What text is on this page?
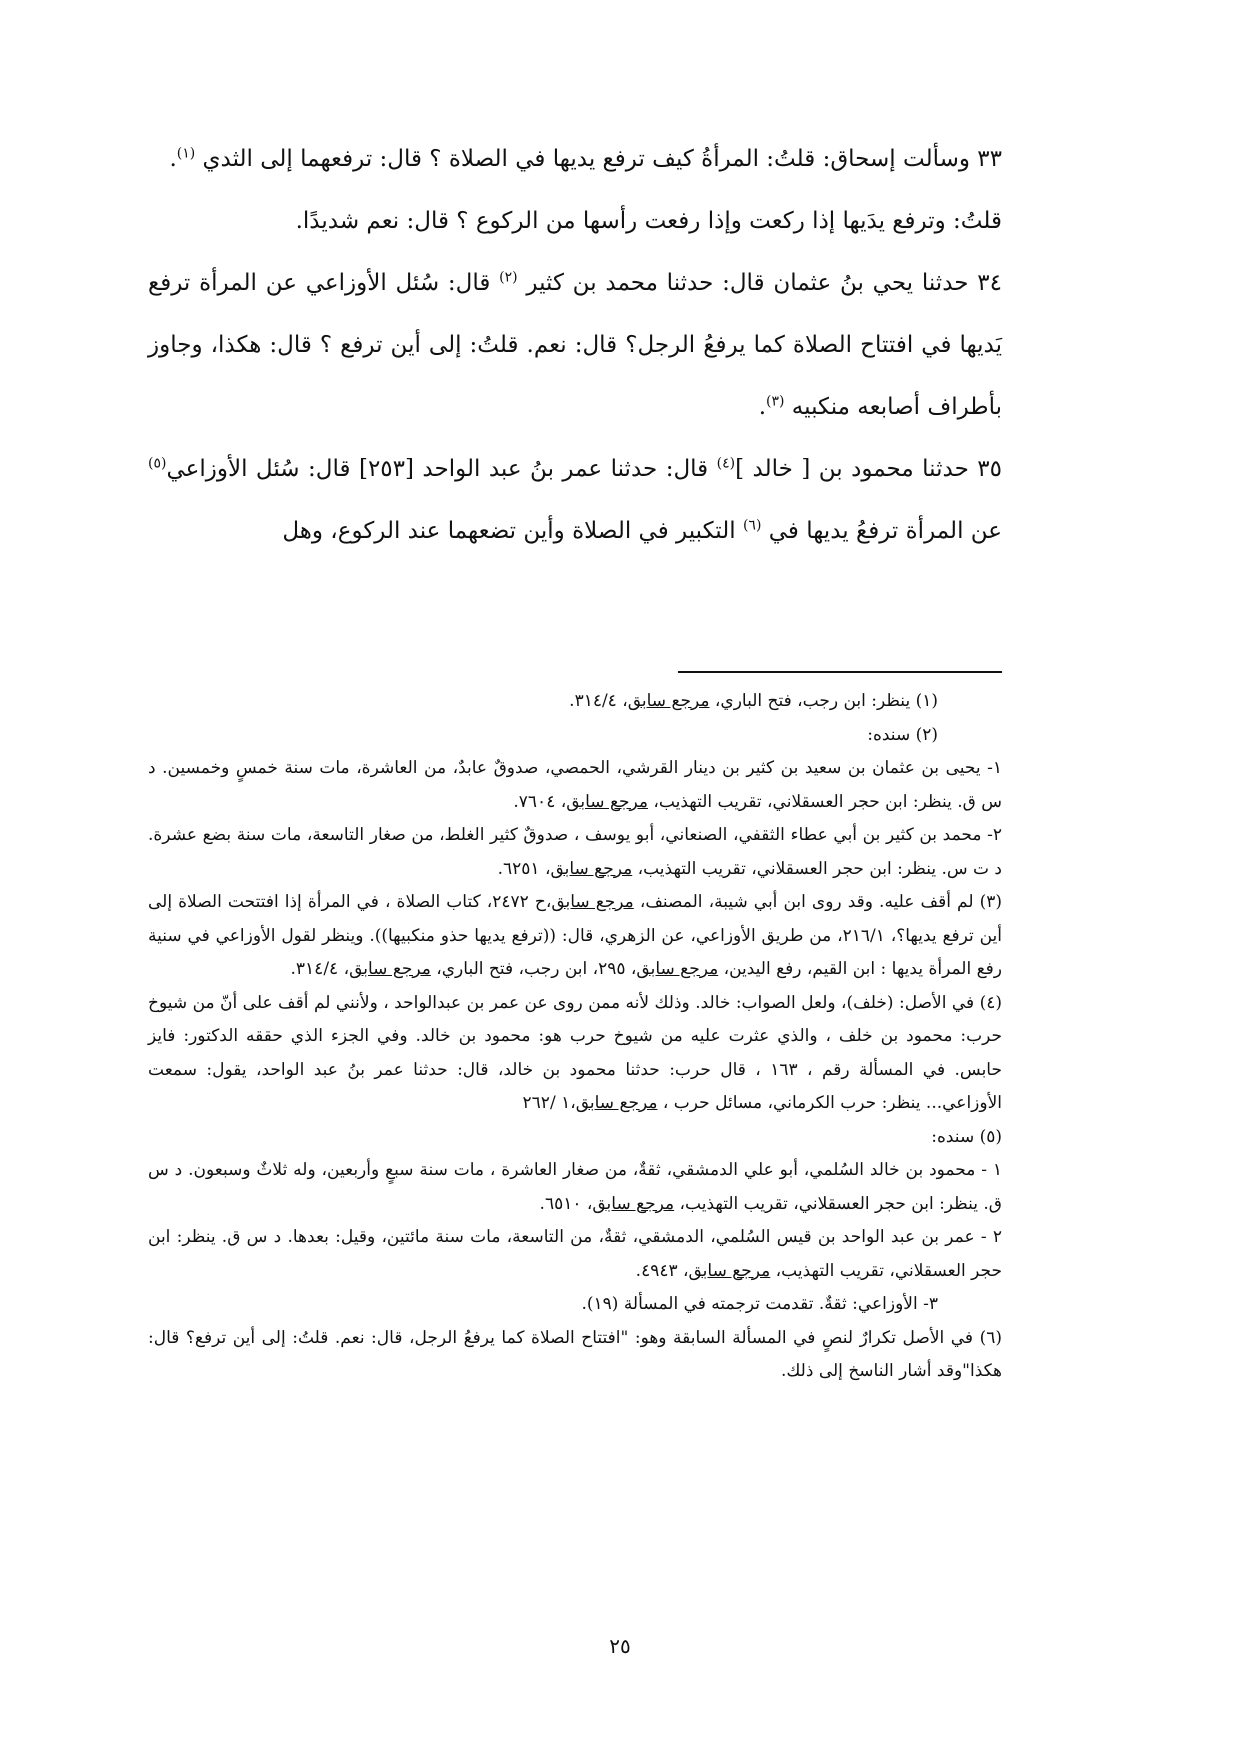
٣٣ وسألت إسحاق: قلتُ: المرأةُ كيف ترفع يديها في الصلاة ؟ قال: ترفعهما إلى الثدي $^{(١)}$.

قلتُ: وترفع يدَيها إذا ركعت وإذا رفعت رأسها من الركوع ؟ قال: نعم شديدًا.

٣٤ حدثنا يحي بنُ عثمان قال: حدثنا محمد بن كثير $^{(٢)}$ قال: سُئل الأوزاعي عن المرأة ترفع يَديها في افتتاح الصلاة كما يرفعُ الرجل؟ قال: نعم. قلتُ: إلى أين ترفع ؟ قال: هكذا، وجاوز بأطراف أصابعه منكبيه $^{(٣)}$.

٣٥ حدثنا محمود بن [ خالد ]$^{(٤)}$ قال: حدثنا عمر بنُ عبد الواحد [٢٥٣] قال: سُئل الأوزاعي$^{(٥)}$ عن المرأة ترفعُ يديها في $^{(٦)}$ التكبير في الصلاة وأين تضعهما عند الركوع، وهل

(١) ينظر: ابن رجب، فتح الباري، مرجع سابق، ٣١٤/٤.

(٢) سنده:

١- يحيى بن عثمان بن سعيد بن كثير بن دينار القرشي، الحمصي، صدوقٌ عابدٌ، من العاشرة، مات سنة خمسٍ وخمسين. د س ق. ينظر: ابن حجر العسقلاني، تقريب التهذيب، مرجع سابق، ٧٦٠٤.

٢- محمد بن كثير بن أبي عطاء الثقفي، الصنعاني، أبو يوسف ، صدوقٌ كثير الغلط، من صغار التاسعة، مات سنة بضع عشرة. د ت س. ينظر: ابن حجر العسقلاني، تقريب التهذيب، مرجع سابق، ٦٢٥١.

(٣) لم أقف عليه. وقد روى ابن أبي شيبة، المصنف، مرجع سابق،ح ٢٤٧٢، كتاب الصلاة ، في المرأة إذا افتتحت الصلاة إلى أين ترفع يديها؟، ٢١٦/١، من طريق الأوزاعي، عن الزهري، قال: ((ترفع يديها حذو منكبيها)). وينظر لقول الأوزاعي في سنية رفع المرأة يديها : ابن القيم، رفع اليدين، مرجع سابق، ٢٩٥، ابن رجب، فتح الباري، مرجع سابق، ٣١٤/٤.

(٤) في الأصل: (خلف)، ولعل الصواب: خالد. وذلك لأنه ممن روى عن عمر بن عبدالواحد ، ولأنني لم أقف على أنّ من شيوخ حرب: محمود بن خلف ، والذي عثرت عليه من شيوخ حرب هو: محمود بن خالد. وفي الجزء الذي حققه الدكتور: فايز حابس. في المسألة رقم ، ١٦٣ ، قال حرب: حدثنا محمود بن خالد، قال: حدثنا عمر بنُ عبد الواحد، يقول: سمعت الأوزاعي... ينظر: حرب الكرماني، مسائل حرب ، مرجع سابق،١ /٢٦٢

(٥) سنده:

١ - محمود بن خالد السُلمي، أبو علي الدمشقي، ثقةٌ، من صغار العاشرة ، مات سنة سبعٍ وأربعين، وله ثلاثٌ وسبعون. د س ق. ينظر: ابن حجر العسقلاني، تقريب التهذيب، مرجع سابق، ٦٥١٠.

٢ - عمر بن عبد الواحد بن قيس السُلمي، الدمشقي، ثقةٌ، من التاسعة، مات سنة مائتين، وقيل: بعدها. د س ق. ينظر: ابن حجر العسقلاني، تقريب التهذيب، مرجع سابق، ٤٩٤٣.

٣- الأوزاعي: ثقةٌ. تقدمت ترجمته في المسألة (١٩).

(٦) في الأصل تكرارٌ لنصٍ في المسألة السابقة وهو: "افتتاح الصلاة كما يرفعُ الرجل، قال: نعم. قلتُ: إلى أين ترفع؟ قال: هكذا"وقد أشار الناسخ إلى ذلك.

٢٥
